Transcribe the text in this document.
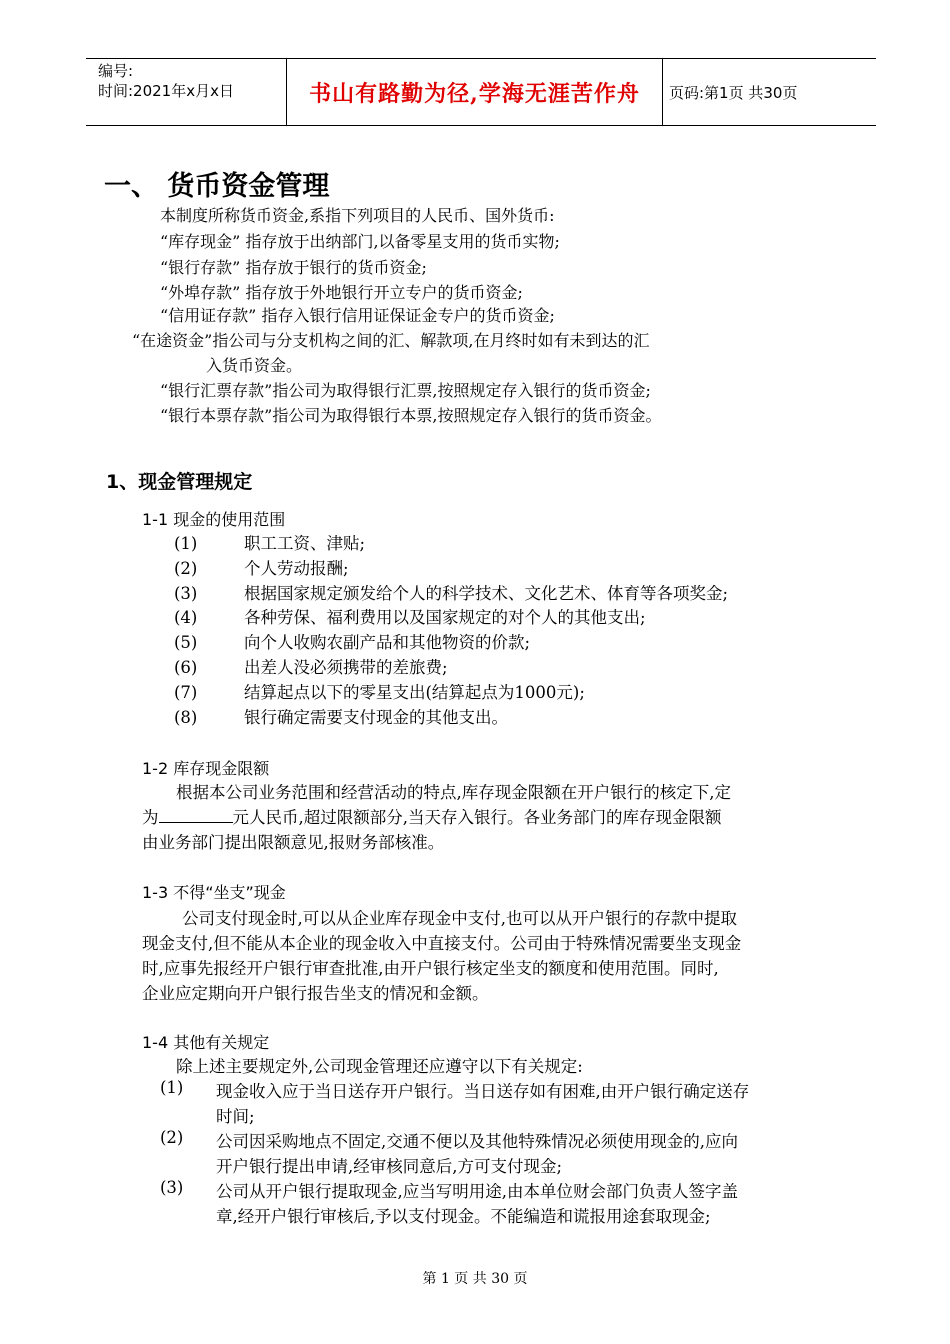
编号:
时间:2021年x月x日	书山有路勤为径,学海无涯苦作舟 页码:第1页 共30页
一、 货币资金管理
本制度所称货币资金,系指下列项目的人民币、国外货币:
“库存现金” 指存放于出纳部门,以备零星支用的货币实物;
“银行存款” 指存放于银行的货币资金;
“外埠存款” 指存放于外地银行开立专户的货币资金;
“信用证存款” 指存入银行信用证保证金专户的货币资金;
“在途资金”指公司与分支机构之间的汇、解款项,在月终时如有未到达的汇
入货币资金。
“银行汇票存款”指公司为取得银行汇票,按照规定存入银行的货币资金;
“银行本票存款”指公司为取得银行本票,按照规定存入银行的货币资金。
1、现金管理规定
1-1 现金的使用范围
(1)	职工工资、津贴;
(2)	个人劳动报酬;
(3)	根据国家规定颁发给个人的科学技术、文化艺术、体育等各项奖金;
(4)	各种劳保、福利费用以及国家规定的对个人的其他支出;
(5)	向个人收购农副产品和其他物资的价款;
(6)	出差人没必须携带的差旅费;
(7)	结算起点以下的零星支出(结算起点为1000元);
(8)	银行确定需要支付现金的其他支出。
1-2 库存现金限额
根据本公司业务范围和经营活动的特点,库存现金限额在开户银行的核定下,定
为	元人民币,超过限额部分,当天存入银行。各业务部门的库存现金限额
由业务部门提出限额意见,报财务部核准。
1-3 不得“坐支”现金
公司支付现金时,可以从企业库存现金中支付,也可以从开户银行的存款中提取
现金支付,但不能从本企业的现金收入中直接支付。公司由于特殊情况需要坐支现金
时,应事先报经开户银行审查批准,由开户银行核定坐支的额度和使用范围。同时,
企业应定期向开户银行报告坐支的情况和金额。
1-4 其他有关规定
除上述主要规定外,公司现金管理还应遵守以下有关规定:
(1) 现金收入应于当日送存开户银行。当日送存如有困难,由开户银行确定送存
时间;
(2) 公司因采购地点不固定,交通不便以及其他特殊情况必须使用现金的,应向
开户银行提出申请,经审核同意后,方可支付现金;
(3) 公司从开户银行提取现金,应当写明用途,由本单位财会部门负责人签字盖
章,经开户银行审核后,予以支付现金。不能编造和谎报用途套取现金;
第 1 页 共 30 页
